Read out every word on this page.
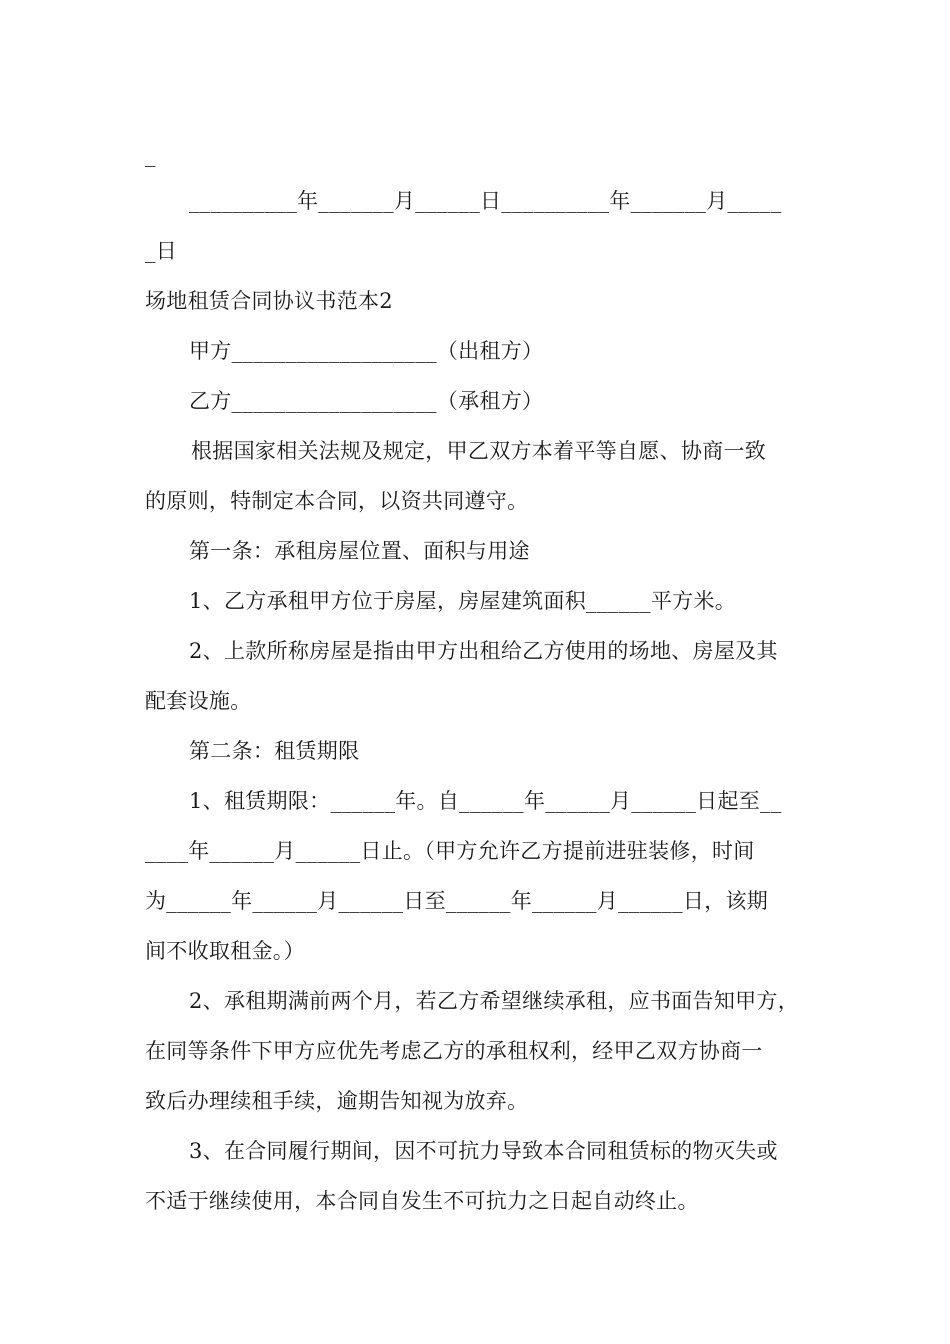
_
__________年_______月______日__________年_______月_____
_日
场地租赁合同协议书范本2
甲方___________________（出租方）
乙方___________________（承租方）
根据国家相关法规及规定，甲乙双方本着平等自愿、协商一致
的原则，特制定本合同，以资共同遵守。
第一条：承租房屋位置、面积与用途
1、乙方承租甲方位于房屋，房屋建筑面积______平方米。
2、上款所称房屋是指由甲方出租给乙方使用的场地、房屋及其
配套设施。
第二条：租赁期限
1、租赁期限：______年。自______年______月______日起至__
____年______月______日止。（甲方允许乙方提前进驻装修，时间
为______年______月______日至______年______月______日，该期
间不收取租金。）
2、承租期满前两个月，若乙方希望继续承租，应书面告知甲方，
在同等条件下甲方应优先考虑乙方的承租权利，经甲乙双方协商一
致后办理续租手续，逾期告知视为放弃。
3、在合同履行期间，因不可抗力导致本合同租赁标的物灭失或
不适于继续使用，本合同自发生不可抗力之日起自动终止。
